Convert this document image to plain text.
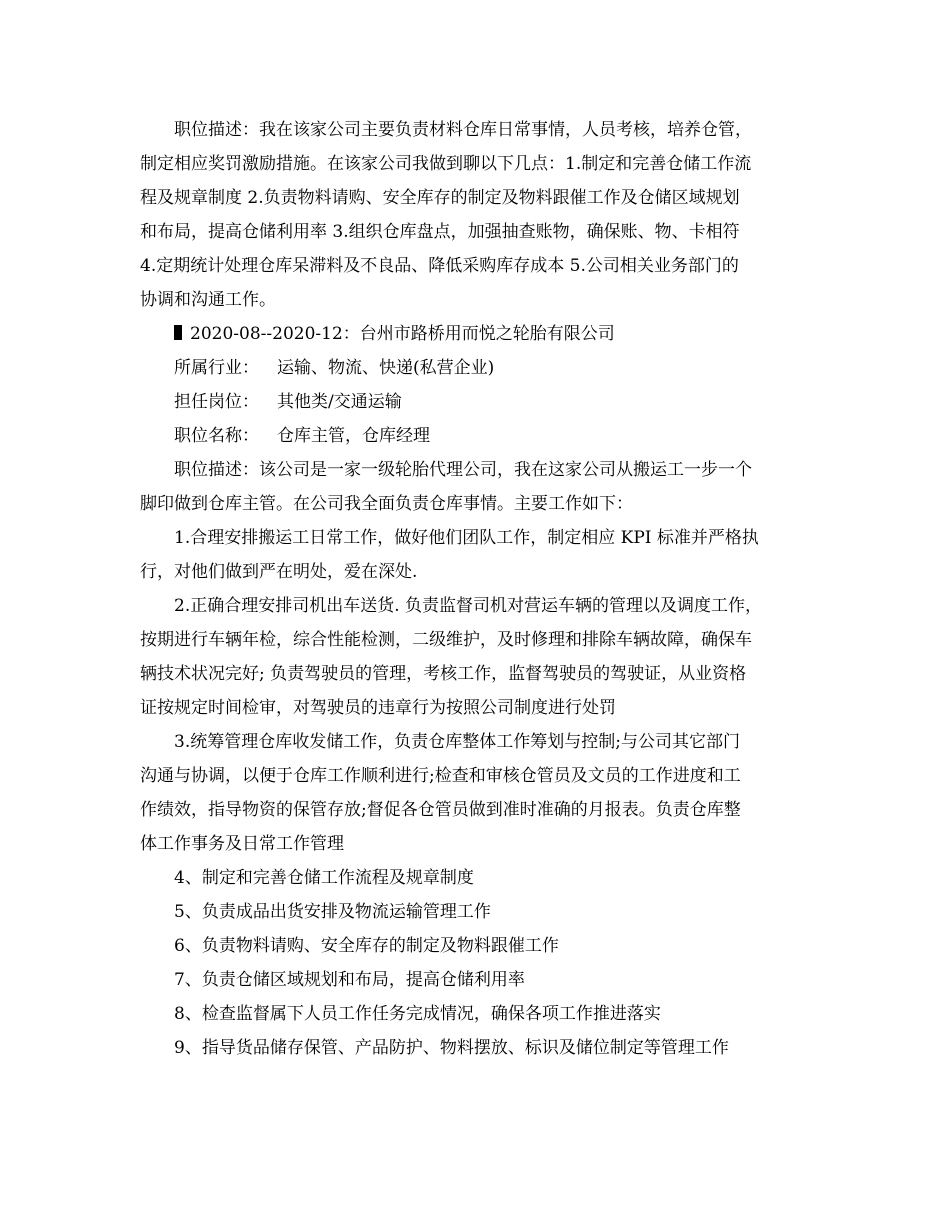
职位描述：我在该家公司主要负责材料仓库日常事情，人员考核，培养仓管，
制定相应奖罚激励措施。在该家公司我做到聊以下几点：1.制定和完善仓储工作流
程及规章制度 2.负责物料请购、安全库存的制定及物料跟催工作及仓储区域规划
和布局，提高仓储利用率 3.组织仓库盘点，加强抽查账物，确保账、物、卡相符
4.定期统计处理仓库呆滞料及不良品、降低采购库存成本 5.公司相关业务部门的
协调和沟通工作。
2020-08--2020-12：台州市路桥用而悦之轮胎有限公司
所属行业： 运输、物流、快递(私营企业)
担任岗位： 其他类/交通运输
职位名称： 仓库主管，仓库经理
职位描述：该公司是一家一级轮胎代理公司，我在这家公司从搬运工一步一个
脚印做到仓库主管。在公司我全面负责仓库事情。主要工作如下：
1.合理安排搬运工日常工作，做好他们团队工作，制定相应 KPI 标准并严格执
行，对他们做到严在明处，爱在深处.
2.正确合理安排司机出车送货. 负责监督司机对营运车辆的管理以及调度工作，
按期进行车辆年检，综合性能检测，二级维护，及时修理和排除车辆故障，确保车
辆技术状况完好; 负责驾驶员的管理，考核工作，监督驾驶员的驾驶证，从业资格
证按规定时间检审，对驾驶员的违章行为按照公司制度进行处罚
3.统筹管理仓库收发储工作，负责仓库整体工作筹划与控制;与公司其它部门
沟通与协调，以便于仓库工作顺利进行;检查和审核仓管员及文员的工作进度和工
作绩效，指导物资的保管存放;督促各仓管员做到准时准确的月报表。负责仓库整
体工作事务及日常工作管理
4、制定和完善仓储工作流程及规章制度
5、负责成品出货安排及物流运输管理工作
6、负责物料请购、安全库存的制定及物料跟催工作
7、负责仓储区域规划和布局，提高仓储利用率
8、检查监督属下人员工作任务完成情况，确保各项工作推进落实
9、指导货品储存保管、产品防护、物料摆放、标识及储位制定等管理工作
